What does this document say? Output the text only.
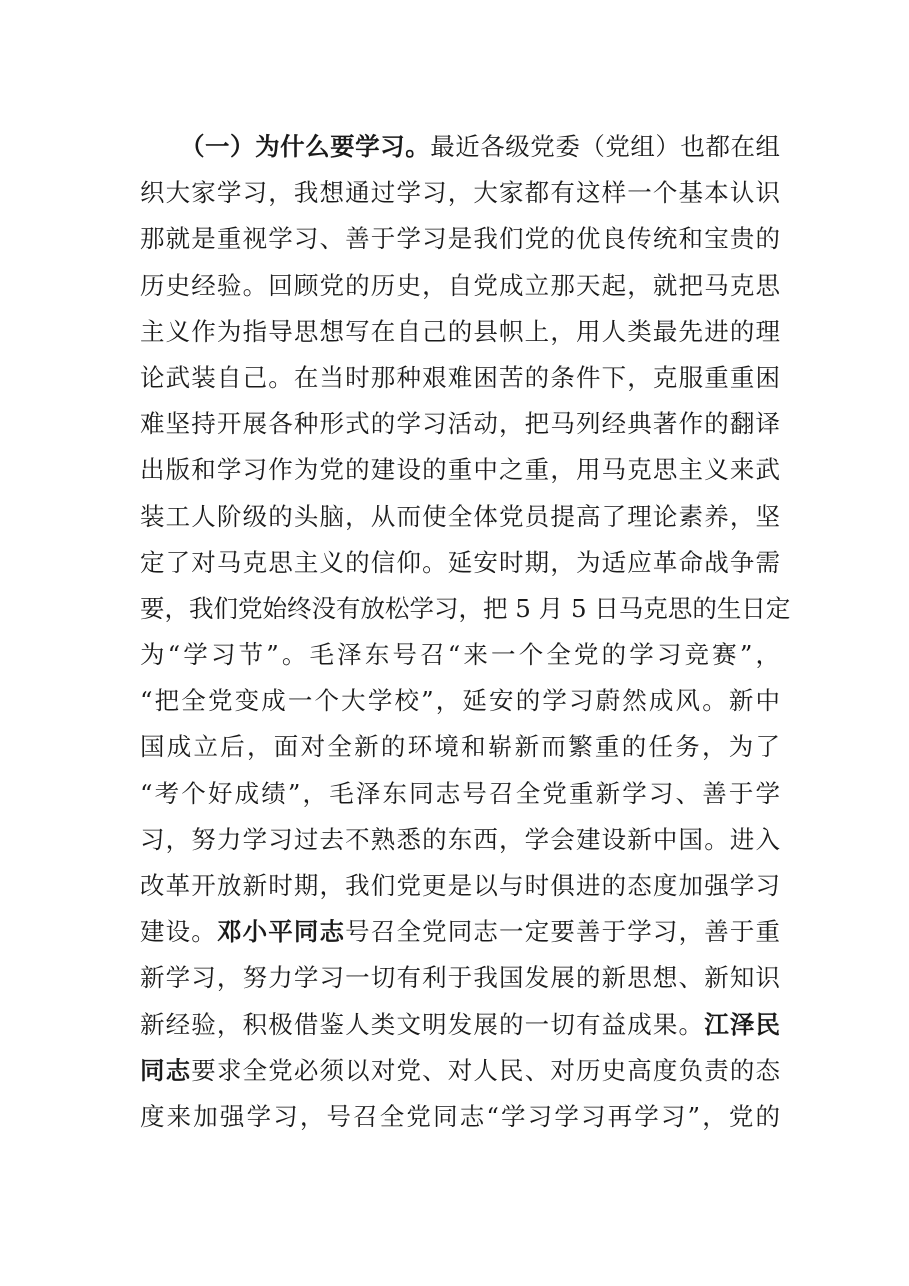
（一）为什么要学习。最近各级党委（党组）也都在组
织大家学习，我想通过学习，大家都有这样一个基本认识
那就是重视学习、善于学习是我们党的优良传统和宝贵的
历史经验。回顾党的历史，自党成立那天起，就把马克思
主义作为指导思想写在自己的县帜上，用人类最先进的理
论武装自己。在当时那种艰难困苦的条件下，克服重重困
难坚持开展各种形式的学习活动，把马列经典著作的翻译
出版和学习作为党的建设的重中之重，用马克思主义来武
装工人阶级的头脑，从而使全体党员提高了理论素养，坚
定了对马克思主义的信仰。延安时期，为适应革命战争需
要，我们党始终没有放松学习，把 5 月 5 日马克思的生日定
为“学习节”。毛泽东号召“来一个全党的学习竞赛”，
“把全党变成一个大学校”，延安的学习蔚然成风。新中
国成立后，面对全新的环境和崭新而繁重的任务，为了
“考个好成绩”，毛泽东同志号召全党重新学习、善于学
习，努力学习过去不熟悉的东西，学会建设新中国。进入
改革开放新时期，我们党更是以与时俱进的态度加强学习
建设。邓小平同志号召全党同志一定要善于学习，善于重
新学习，努力学习一切有利于我国发展的新思想、新知识
新经验，积极借鉴人类文明发展的一切有益成果。江泽民
同志要求全党必须以对党、对人民、对历史高度负责的态
度来加强学习，号召全党同志“学习学习再学习”，党的
